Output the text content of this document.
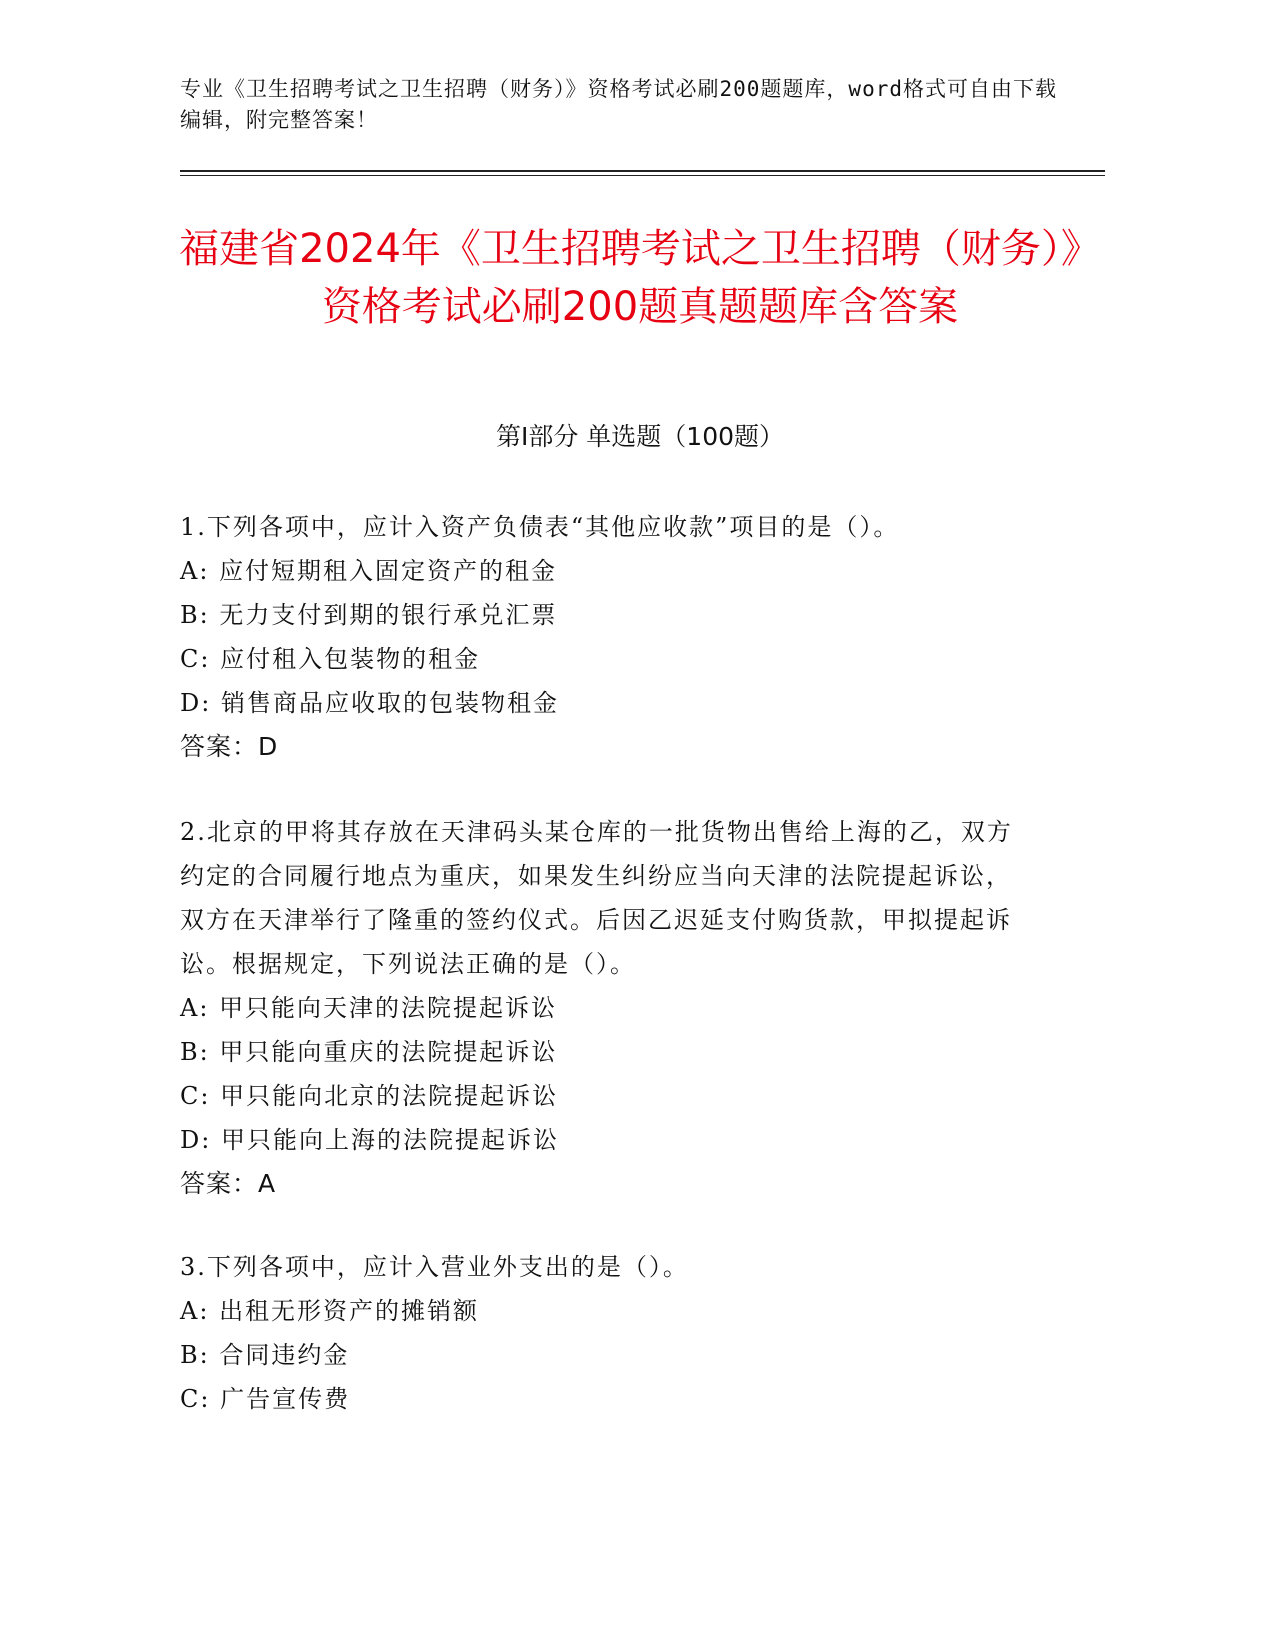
专业《卫生招聘考试之卫生招聘（财务）》资格考试必刷200题题库，word格式可自由下载编辑，附完整答案！
福建省2024年《卫生招聘考试之卫生招聘（财务）》资格考试必刷200题真题题库含答案
第Ⅰ部分 单选题（100题）
1.下列各项中，应计入资产负债表“其他应收款”项目的是（）。
A: 应付短期租入固定资产的租金
B: 无力支付到期的银行承兑汇票
C: 应付租入包装物的租金
D: 销售商品应收取的包装物租金
答案：D
2.北京的甲将其存放在天津码头某仓库的一批货物出售给上海的乙，双方约定的合同履行地点为重庆，如果发生纠纷应当向天津的法院提起诉讼，双方在天津举行了隆重的签约仪式。后因乙迟延支付购货款，甲拟提起诉讼。根据规定，下列说法正确的是（）。
A: 甲只能向天津的法院提起诉讼
B: 甲只能向重庆的法院提起诉讼
C: 甲只能向北京的法院提起诉讼
D: 甲只能向上海的法院提起诉讼
答案：A
3.下列各项中，应计入营业外支出的是（）。
A: 出租无形资产的摊销额
B: 合同违约金
C: 广告宣传费
